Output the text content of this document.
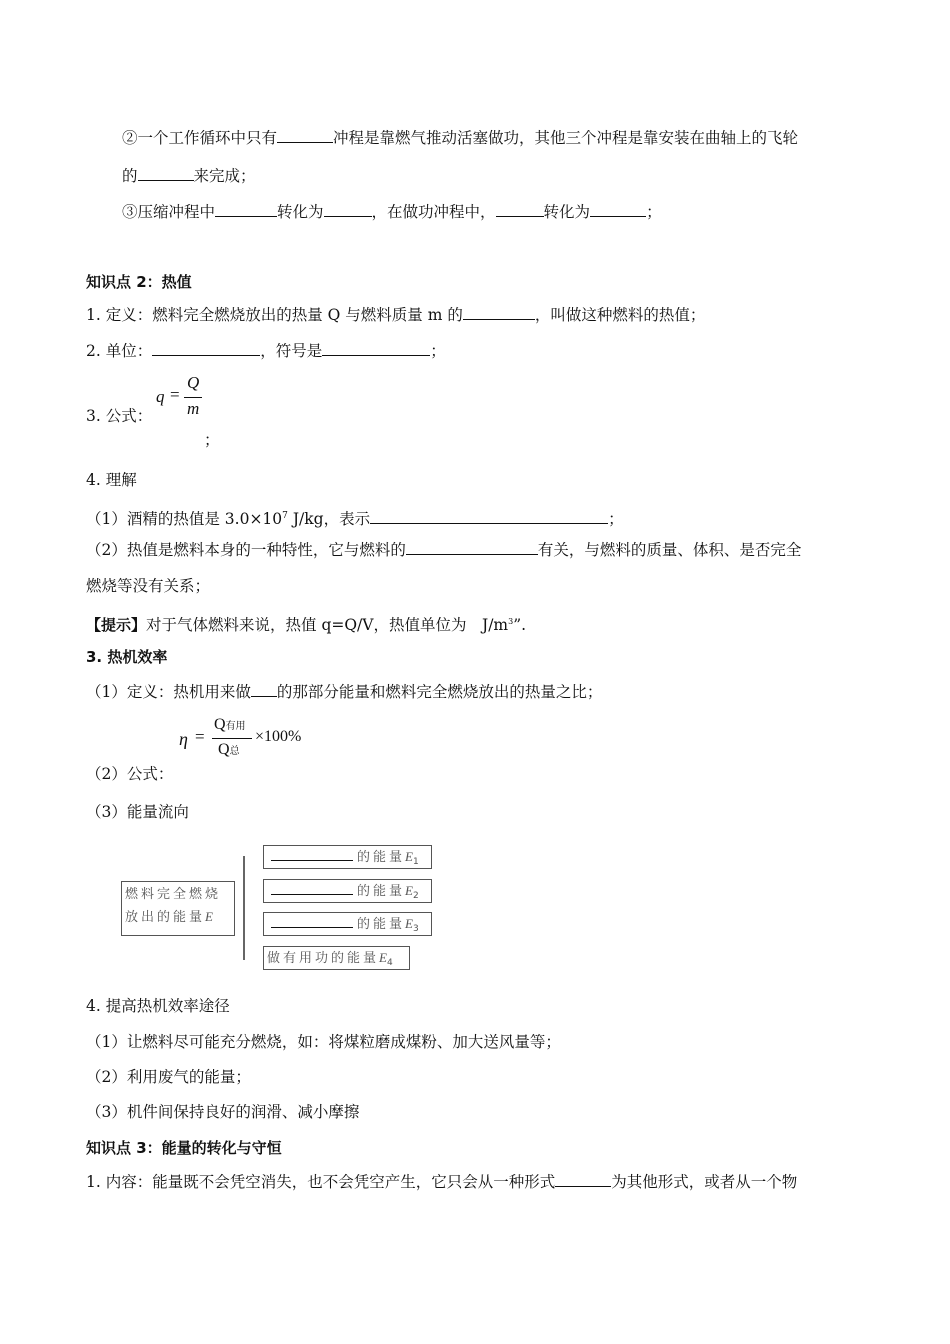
②一个工作循环中只有	冲程是靠燃气推动活塞做功，其他三个冲程是靠安装在曲轴上的飞轮
的	来完成；
③压缩冲程中	转化为	，在做功冲程中，	转化为	；
知识点 2：热值
1. 定义：燃料完全燃烧放出的热量 Q 与燃料质量 m 的	，叫做这种燃料的热值；
2. 单位：	，符号是	；
3. 公式：
q =
Q
m
；
4. 理解
（1）酒精的热值是 $3.0\times 10^7$ J/kg，表示	；
（2）热值是燃料本身的一种特性，它与燃料的	有关，与燃料的质量、体积、是否完全
燃烧等没有关系；
【提示】对于气体燃料来说，热值 q=Q/V，热值单位为　$J/m^3$”.
3. 热机效率
（1）定义：热机用来做 的那部分能量和燃料完全燃烧放出的热量之比；
η =
Q有用
Q总
×100%
（2）公式：
（3）能量流向
燃料完全燃烧
放出的能量E
的能量$E_1$
的能量$E_2$
的能量$E_3$
做有用功的能量$E_4$
4. 提高热机效率途径
（1）让燃料尽可能充分燃烧，如：将煤粒磨成煤粉、加大送风量等；
（2）利用废气的能量；
（3）机件间保持良好的润滑、减小摩擦
知识点 3：能量的转化与守恒
1. 内容：能量既不会凭空消失，也不会凭空产生，它只会从一种形式	为其他形式，或者从一个物
